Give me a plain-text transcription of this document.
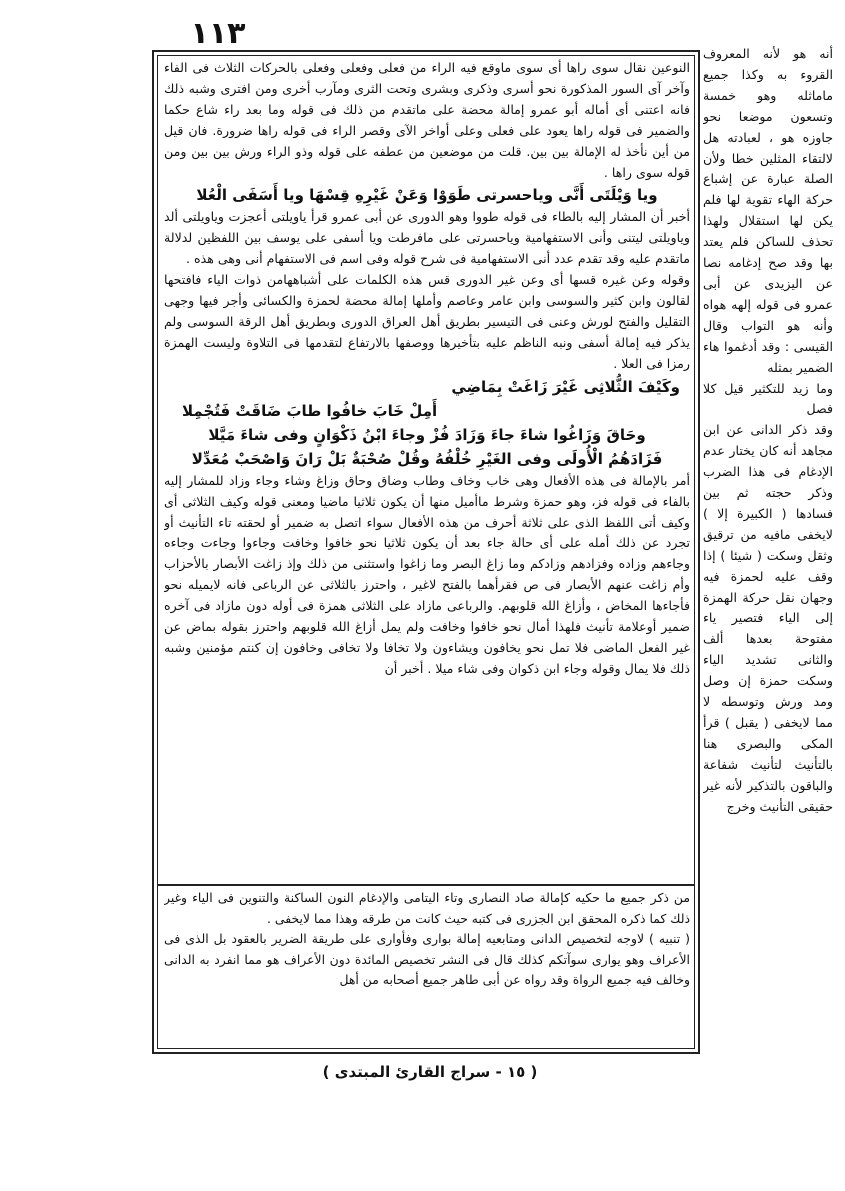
١١٣

النوعين نقال سوى راها أى سوى ماوقع فيه الراء من فعلى وفعلى وفعلى بالحركات الثلاث فى الفاء وآخر آى السور المذكورة نحو أسرى وذكرى وبشرى وتحت الثرى ومآرب أخرى ومن افترى وشبه ذلك فانه اعتنى أى أماله أبو عمرو إمالة محضة على ماتقدم من ذلك فى قوله وما بعد راء شاع حكما والضمير فى قوله راها يعود على فعلى وعلى أواخر الآى وقصر الراء فى قوله راها ضرورة. فان قيل من أين نأخذ له الإمالة بين بين. قلت من موضعين من عطفه على قوله وذو الراء ورش بين بين ومن قوله سوى راها .

ويا وَيْلَتَى أَنَّى وياحسرتى طَوَوْا وَعَنْ غَيْرِهِ قِسْهَا ويا أَسَفَى الْعُلا

أخبر أن المشار إليه بالطاء فى قوله طووا وهو الدورى عن أبى عمرو قرأ ياويلتى أعجزت وياويلتى ألد وياويلتى ليتنى وأنى الاستفهامية وياحسرتى على مافرطت ويا أسفى على يوسف بين اللفظين لدلالة ماتقدم عليه وقد تقدم عدد أنى الاستفهامية فى شرح قوله وفى اسم فى الاستفهام أنى وهى هذه .

وقوله وعن غيره قسها أى وعن غير الدورى قس هذه الكلمات على أشباههامن ذوات الياء فافتحها لقالون وابن كثير والسوسى وابن عامر وعاصم وأملها إمالة محضة لحمزة والكسائى وأجر فيها وجهى التقليل والفتح لورش وعنى فى التيسير بطريق أهل العراق الدورى وبطريق أهل الرقة السوسى ولم يذكر فيه إمالة أسفى ونبه الناظم عليه بتأخيرها ووصفها بالارتفاع لتقدمها فى التلاوة وليست الهمزة رمزا فى العلا .

وكَيْفَ الثُّلاثِى غَيْرَ زَاغَتْ بِمَاضِي

أَمِلْ خَابَ خافُوا طابَ ضَاقَتْ فَتُجْمِلا

وحَاقَ وَزَاغُوا شاءَ جاءَ وَزَادَ فُزْ وجاءَ ابْنُ ذَكْوَانٍ وفى شاءَ مَيَّلا

فَزَادَهُمُ الْأُولَى وفى الغَيْرِ خُلْفُهُ وقُلْ صُحْبَةٌ بَلْ رَانَ وَاصْحَبْ مُعَدِّلا

أمر بالإمالة فى هذه الأفعال وهى خاب وخاف وطاب وضاق وحاق وزاغ وشاء وجاء وزاد للمشار إليه بالفاء فى قوله فز، وهو حمزة وشرط ماأميل منها أن يكون ثلاثيا ماضيا ومعنى قوله وكيف الثلاثى أى وكيف أتى اللفظ الذى على ثلاثة أحرف من هذه الأفعال سواء اتصل به ضمير أو لحقته تاء التأنيث أو تجرد عن ذلك أمله على أى حالة جاء بعد أن يكون ثلاثيا نحو خافوا وخافت وجاءوا وجاءت وجاءه وجاءهم وزاده وفزادهم وزادكم وما زاغ البصر وما زاغوا واستثنى من ذلك وإذ زاغت الأبصار بالأحزاب وأم زاغت عنهم الأبصار فى ص فقرأهما بالفتح لاغير ، واحترز بالثلاثى عن الرباعى فانه لايميله نحو فأجاءها المخاض ، وأزاغ الله قلوبهم. والرباعى مازاد على الثلاثى همزة فى أوله دون مازاد فى آخره ضمير أوعلامة تأنيث فلهذا أمال نحو خافوا وخافت ولم يمل أزاغ الله قلوبهم واحترز بقوله بماض عن غير الفعل الماضى فلا تمل نحو يخافون ويشاءون ولا تخافا ولا تخافى وخافون إن كنتم مؤمنين وشبه ذلك فلا يمال وقوله وجاء ابن ذكوان وفى شاء ميلا . أخبر أن

من ذكر جميع ما حكيه كإمالة صاد النصارى وتاء اليتامى والإدغام النون الساكنة والتنوين فى الياء وغير ذلك كما ذكره المحقق ابن الجزرى فى كتبه حيث كانت من طرقه وهذا مما لايخفى .

( تنبيه ) لاوجه لتخصيص الدانى ومتابعيه إمالة بوارى وفأوارى على طريقة الضرير بالعقود بل الذى فى الأعراف وهو يوارى سوآتكم كذلك قال فى النشر تخصيص المائدة دون الأعراف هو مما انفرد به الدانى وخالف فيه جميع الرواة وقد رواه عن أبى طاهر جميع أصحابه من أهل

أنه هو لأنه المعروف القروء به وكذا جميع ماماثله وهو خمسة وتسعون موضعا نحو جاوزه هو ، لعبادته هل لالتقاء المثلين خطا ولأن الصلة عبارة عن إشباع حركة الهاء تقوية لها فلم يكن لها استقلال ولهذا تحذف للساكن فلم يعتد بها وقد صح إدغامه نصا عن اليزيدى عن أبى عمرو فى قوله إلهه هواه وأنه هو التواب وقال القيسى : وقد أدغموا هاء الضمير بمثله

وما زيد للتكثير قيل كلا فصل

وقد ذكر الدانى عن ابن مجاهد أنه كان يختار عدم الإدغام فى هذا الضرب وذكر حجته ثم بين فسادها ( الكبيرة إلا ) لايخفى مافيه من ترقيق وثقل وسكت ( شيئا ) إذا وقف عليه لحمزة فيه وجهان نقل حركة الهمزة إلى الياء فتصير ياء مفتوحة بعدها ألف والثانى تشديد الياء وسكت حمزة إن وصل ومد ورش وتوسطه لا مما لايخفى ( يقبل ) قرأ المكى والبصرى هنا بالتأنيث لتأنيث شفاعة والباقون بالتذكير لأنه غير حقيقى التأنيث وخرج

( ١٥ - سراج القارئ المبتدى )
